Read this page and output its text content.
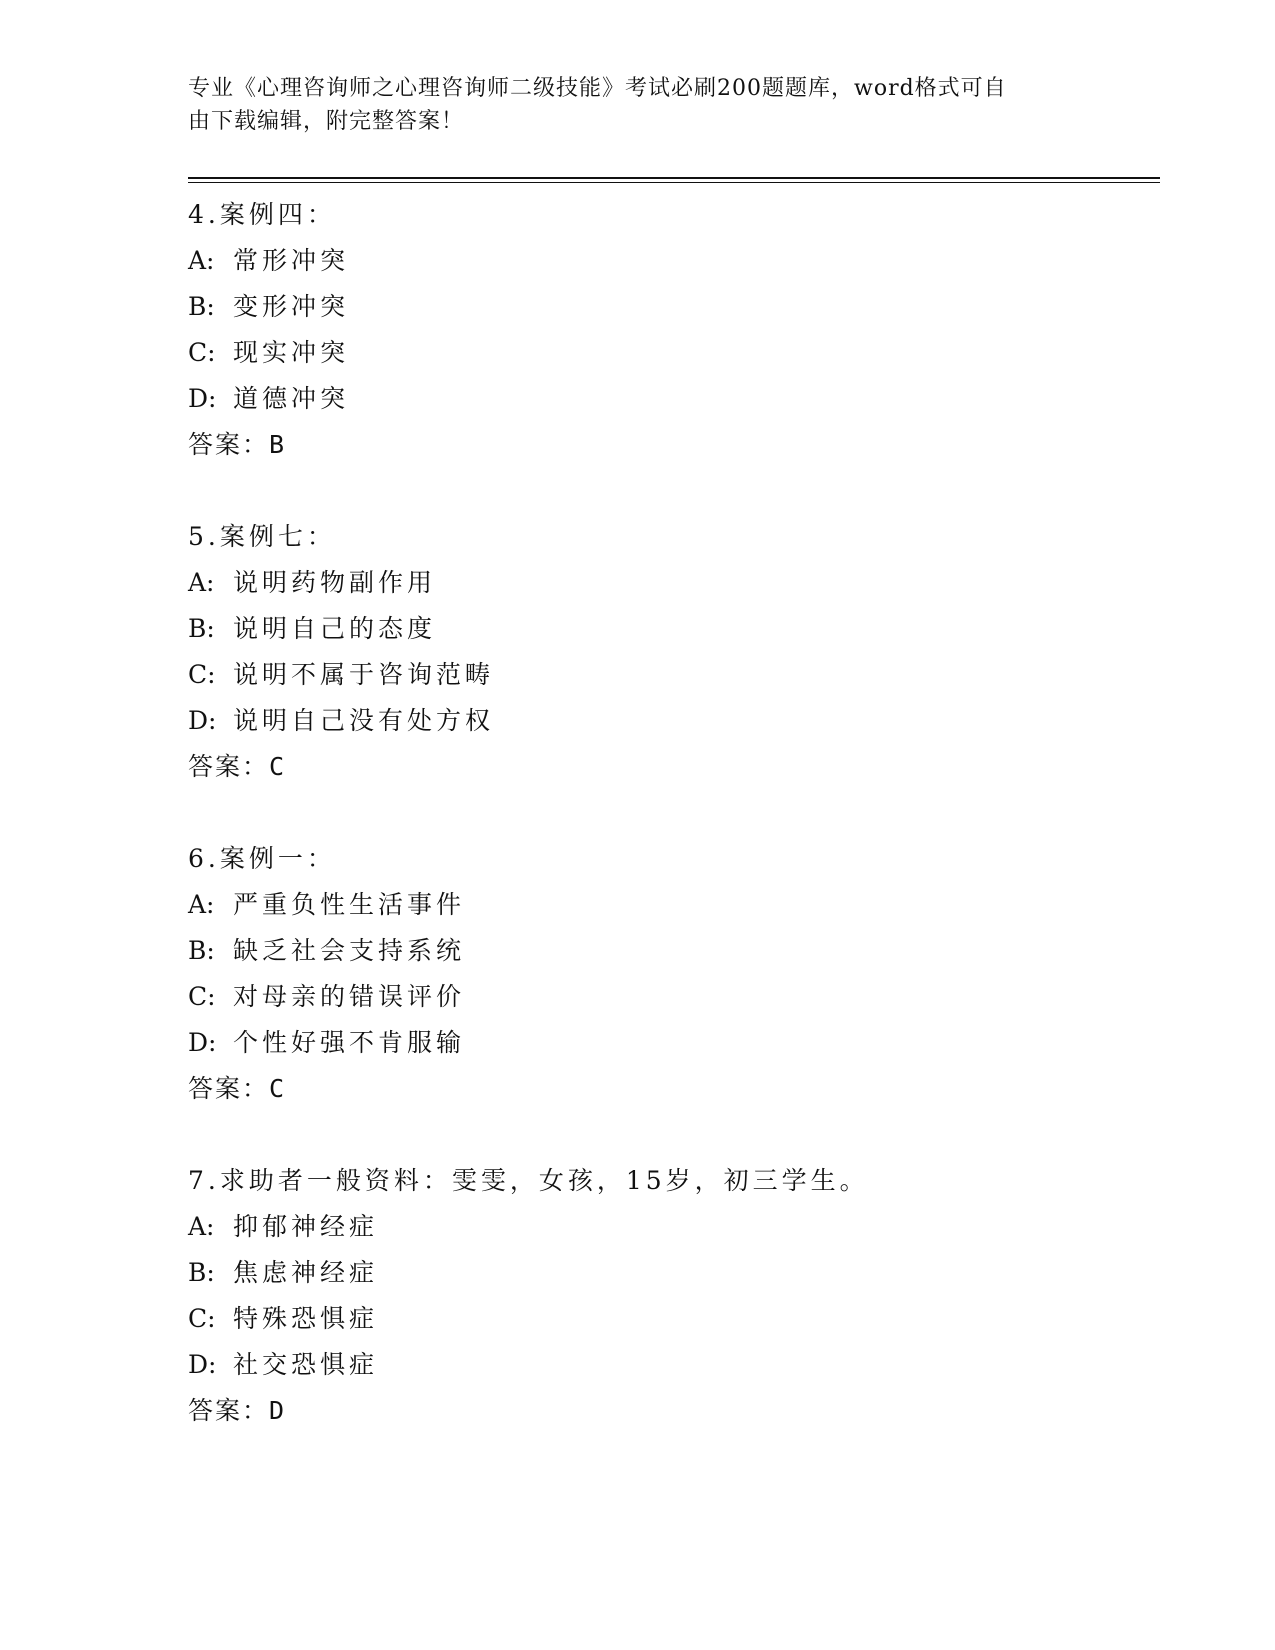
专业《心理咨询师之心理咨询师二级技能》考试必刷200题题库，word格式可自
由下载编辑，附完整答案！
4.案例四：
A: 常形冲突
B: 变形冲突
C: 现实冲突
D: 道德冲突
答案：B
5.案例七：
A: 说明药物副作用
B: 说明自己的态度
C: 说明不属于咨询范畴
D: 说明自己没有处方权
答案：C
6.案例一：
A: 严重负性生活事件
B: 缺乏社会支持系统
C: 对母亲的错误评价
D: 个性好强不肯服输
答案：C
7.求助者一般资料：雯雯，女孩，15岁，初三学生。
A: 抑郁神经症
B: 焦虑神经症
C: 特殊恐惧症
D: 社交恐惧症
答案：D
